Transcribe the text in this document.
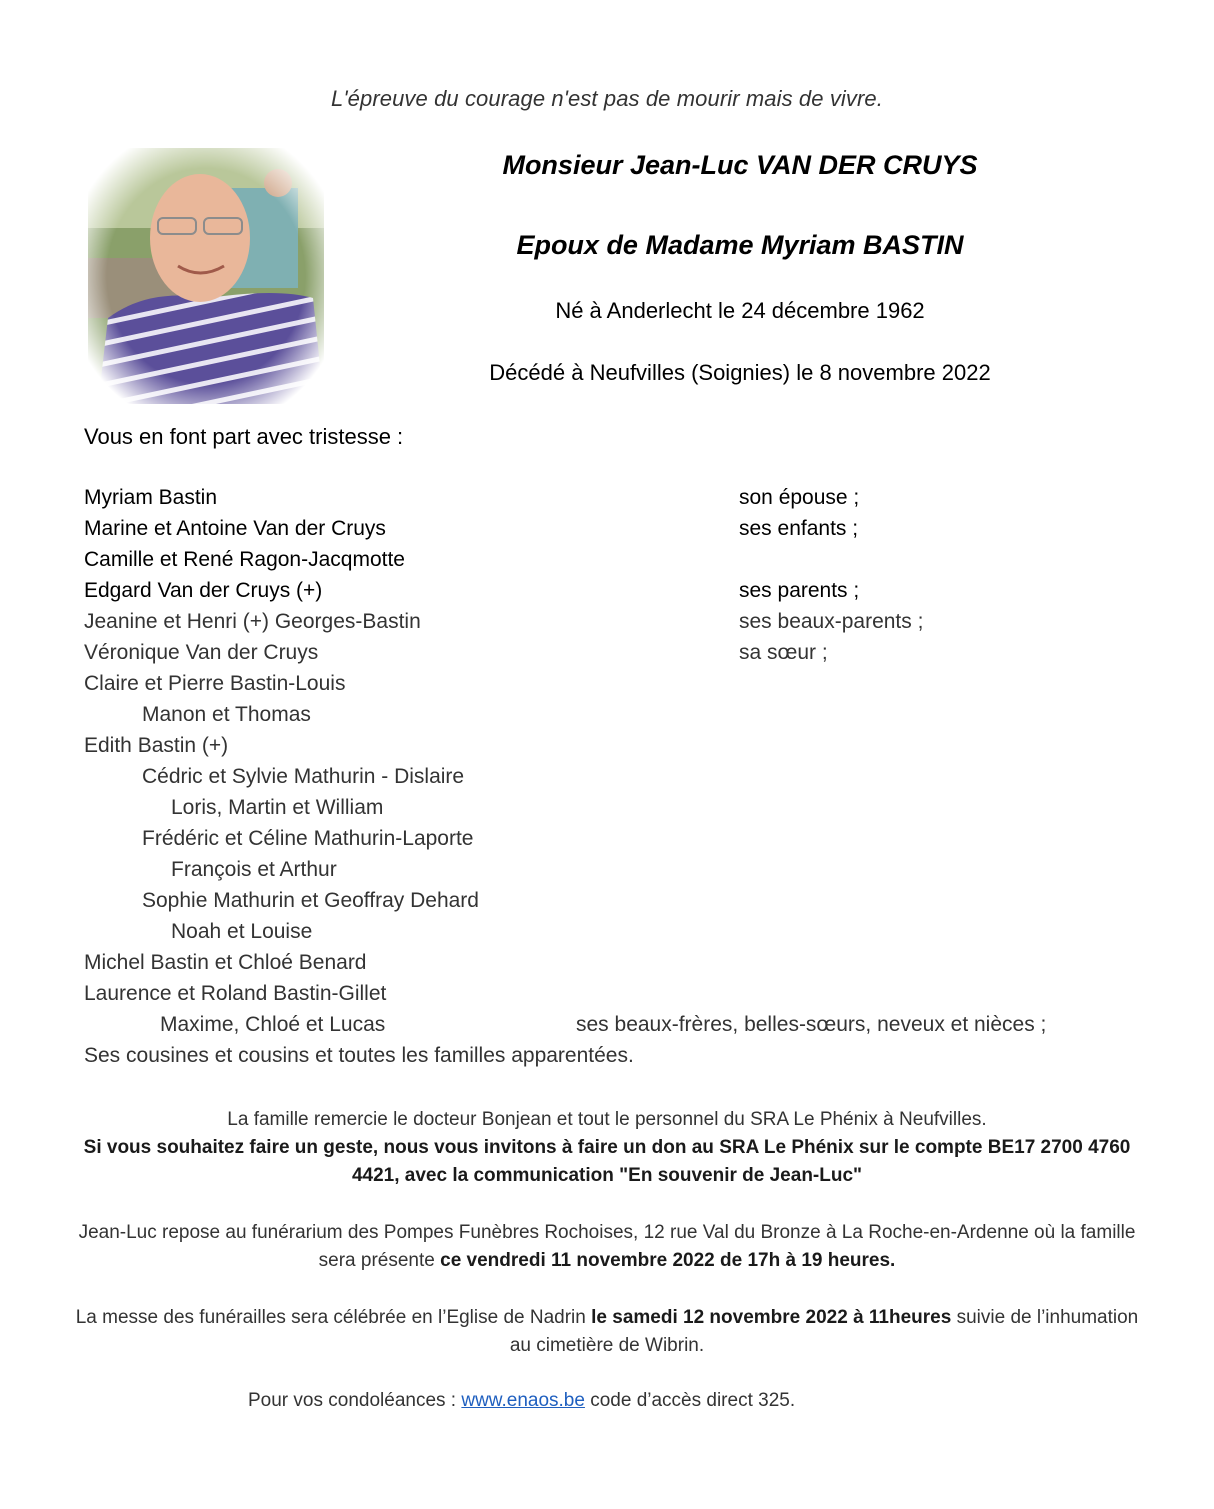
L'épreuve du courage n'est pas de mourir mais de vivre.
Monsieur Jean-Luc VAN DER CRUYS
Epoux de Madame Myriam BASTIN
Né à Anderlecht le 24 décembre 1962
Décédé à Neufvilles (Soignies) le 8 novembre 2022
Vous en font part avec tristesse :
Myriam Bastin	son épouse ;
Marine et Antoine Van der Cruys	ses enfants ;
Camille et René Ragon-Jacqmotte
Edgard Van der Cruys (+)	ses parents ;
Jeanine et Henri (+) Georges-Bastin	ses beaux-parents ;
Véronique Van der Cruys	sa sœur ;
Claire et Pierre Bastin-Louis
Manon et Thomas
Edith Bastin (+)
Cédric et Sylvie Mathurin - Dislaire
Loris, Martin et William
Frédéric et Céline Mathurin-Laporte
François et Arthur
Sophie Mathurin et Geoffray Dehard
Noah et Louise
Michel Bastin et Chloé Benard
Laurence et Roland Bastin-Gillet
Maxime, Chloé et Lucas	ses beaux-frères, belles-sœurs, neveux et nièces ;
Ses cousines et cousins et toutes les familles apparentées.
La famille remercie le docteur Bonjean et tout le personnel du SRA Le Phénix à Neufvilles.
Si vous souhaitez faire un geste, nous vous invitons à faire un don au SRA Le Phénix sur le compte BE17 2700 4760 4421, avec la communication "En souvenir de Jean-Luc"
Jean-Luc repose au funérarium des Pompes Funèbres Rochoises, 12 rue Val du Bronze à La Roche-en-Ardenne où la famille sera présente ce vendredi 11 novembre 2022 de 17h à 19 heures.
La messe des funérailles sera célébrée en l’Eglise de Nadrin le samedi 12 novembre 2022 à 11heures suivie de l’inhumation au cimetière de Wibrin.
Pour vos condoléances : www.enaos.be code d’accès direct 325.
